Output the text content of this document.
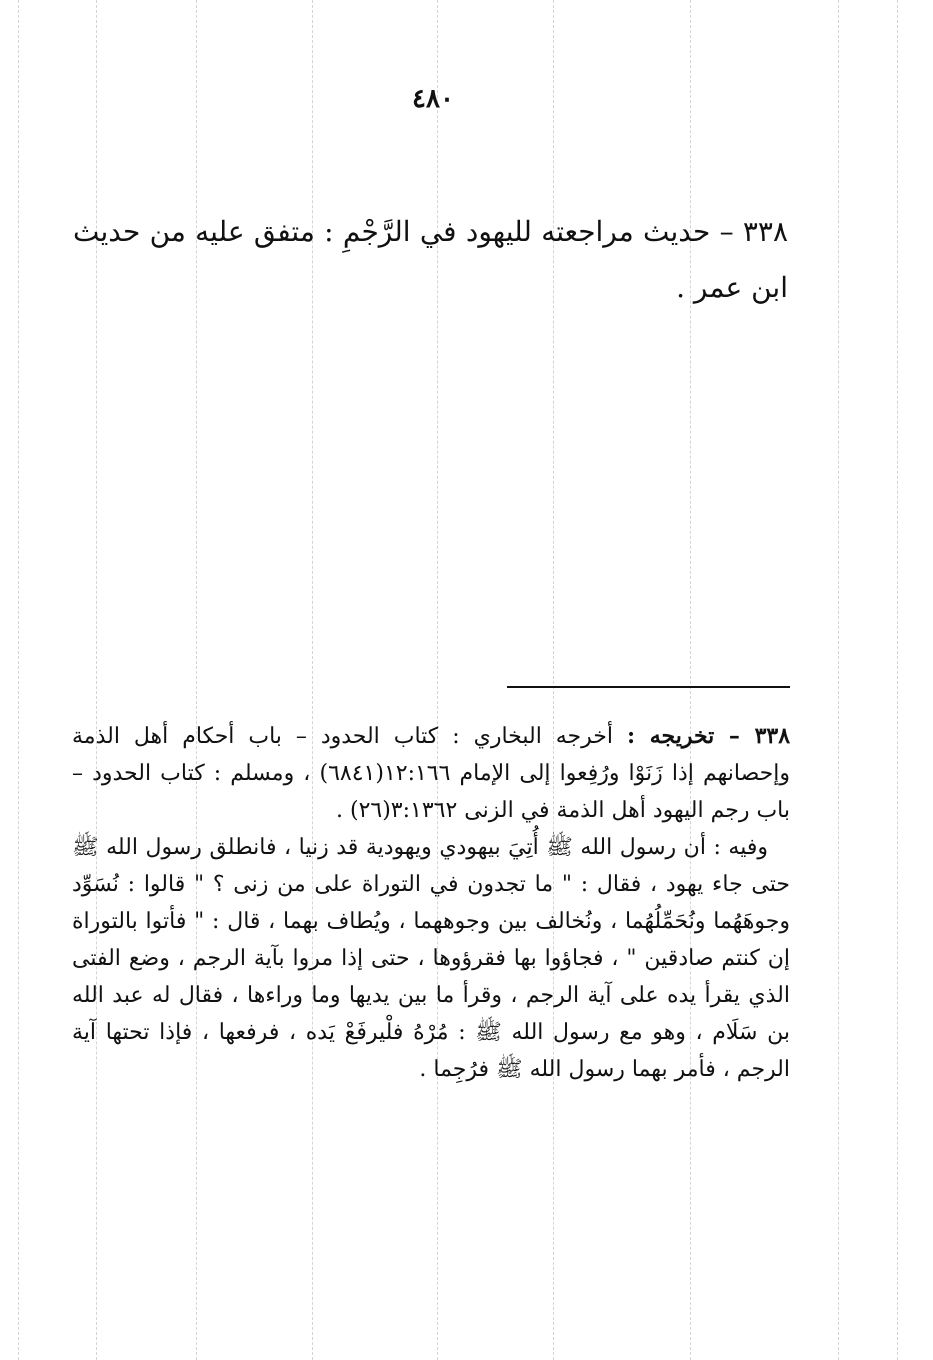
٤٨٠

٣٣٨ – حديث مراجعته لليهود في الرَّجْمِ : متفق عليه من حديث ابن عمر .

٣٣٨ – تخريجه : أخرجه البخاري : كتاب الحدود – باب أحكام أهل الذمة وإحصانهم إذا زَنَوْا ورُفِعوا إلى الإمام ١٢:١٦٦(٦٨٤١) ، ومسلم : كتاب الحدود – باب رجم اليهود أهل الذمة في الزنى ٣:١٣٦٢(٢٦) .

وفيه : أن رسول الله ﷺ أُتِيَ بيهودي ويهودية قد زنيا ، فانطلق رسول الله ﷺ حتى جاء يهود ، فقال : " ما تجدون في التوراة على من زنى ؟ " قالوا : نُسَوِّد وجوهَهُما ونُحَمِّلُهُما ، ونُخالف بين وجوههما ، ويُطاف بهما ، قال : " فأتوا بالتوراة إن كنتم صادقين " ، فجاؤوا بها فقرؤوها ، حتى إذا مروا بآية الرجم ، وضع الفتى الذي يقرأ يده على آية الرجم ، وقرأ ما بين يديها وما وراءها ، فقال له عبد الله بن سَلَام ، وهو مع رسول الله ﷺ : مُرْهُ فلْيرفَعْ يَده ، فرفعها ، فإذا تحتها آية الرجم ، فأمر بهما رسول الله ﷺ فرُجِما .
